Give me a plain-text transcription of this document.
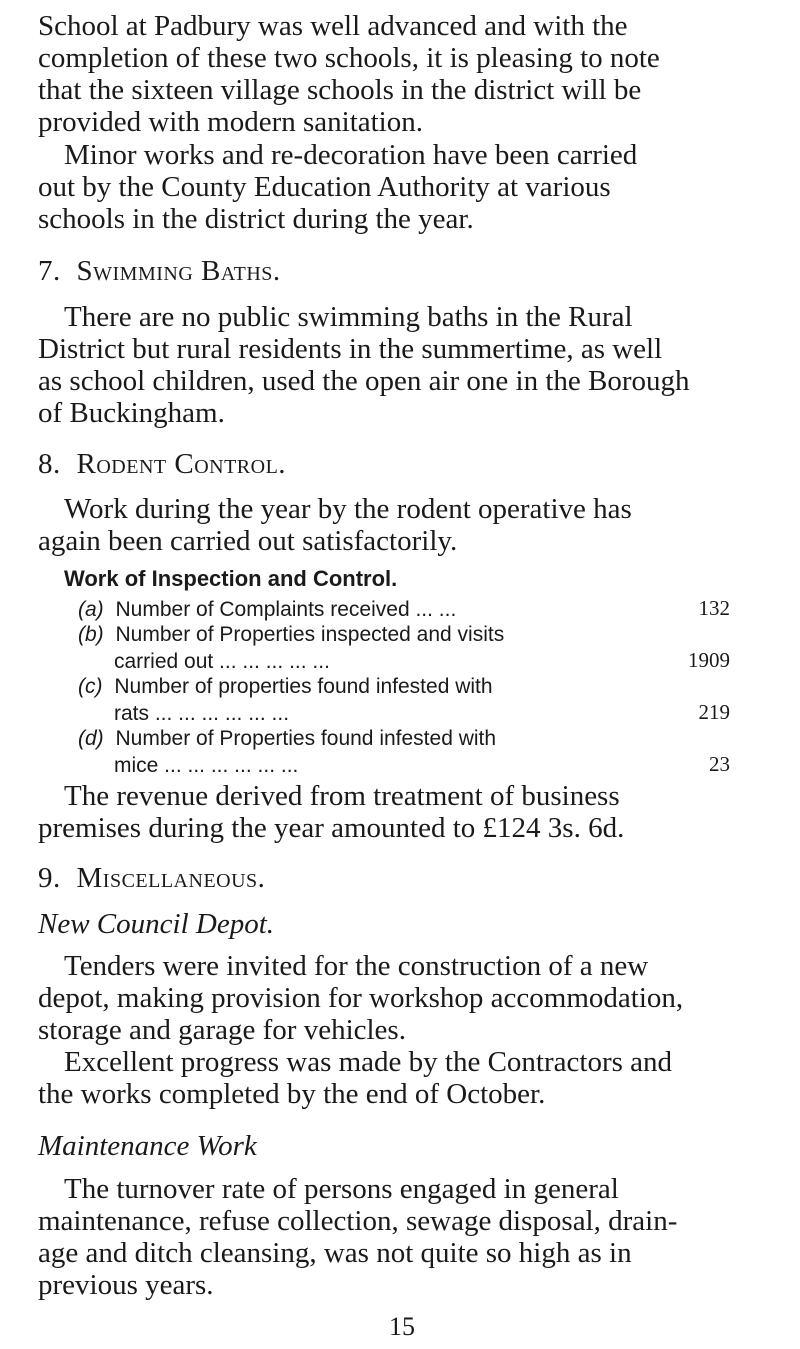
School at Padbury was well advanced and with the
completion of these two schools, it is pleasing to note
that the sixteen village schools in the district will be
provided with modern sanitation.
Minor works and re-decoration have been carried
out by the County Education Authority at various
schools in the district during the year.
7. Swimming Baths.
There are no public swimming baths in the Rural
District but rural residents in the summertime, as well
as school children, used the open air one in the Borough
of Buckingham.
8. Rodent Control.
Work during the year by the rodent operative has
again been carried out satisfactorily.
Work of Inspection and Control.
(a) Number of Complaints received ... ...	132
(b) Number of Properties inspected and visits
carried out ... ... ... ... ...	1909
(c) Number of properties found infested with
rats ... ... ... ... ... ...	219
(d) Number of Properties found infested with
mice ... ... ... ... ... ...	23
The revenue derived from treatment of business
premises during the year amounted to £124 3s. 6d.
9. Miscellaneous.
New Council Depot.
Tenders were invited for the construction of a new
depot, making provision for workshop accommodation,
storage and garage for vehicles.
Excellent progress was made by the Contractors and
the works completed by the end of October.
Maintenance Work
The turnover rate of persons engaged in general
maintenance, refuse collection, sewage disposal, drain-
age and ditch cleansing, was not quite so high as in
previous years.
15
